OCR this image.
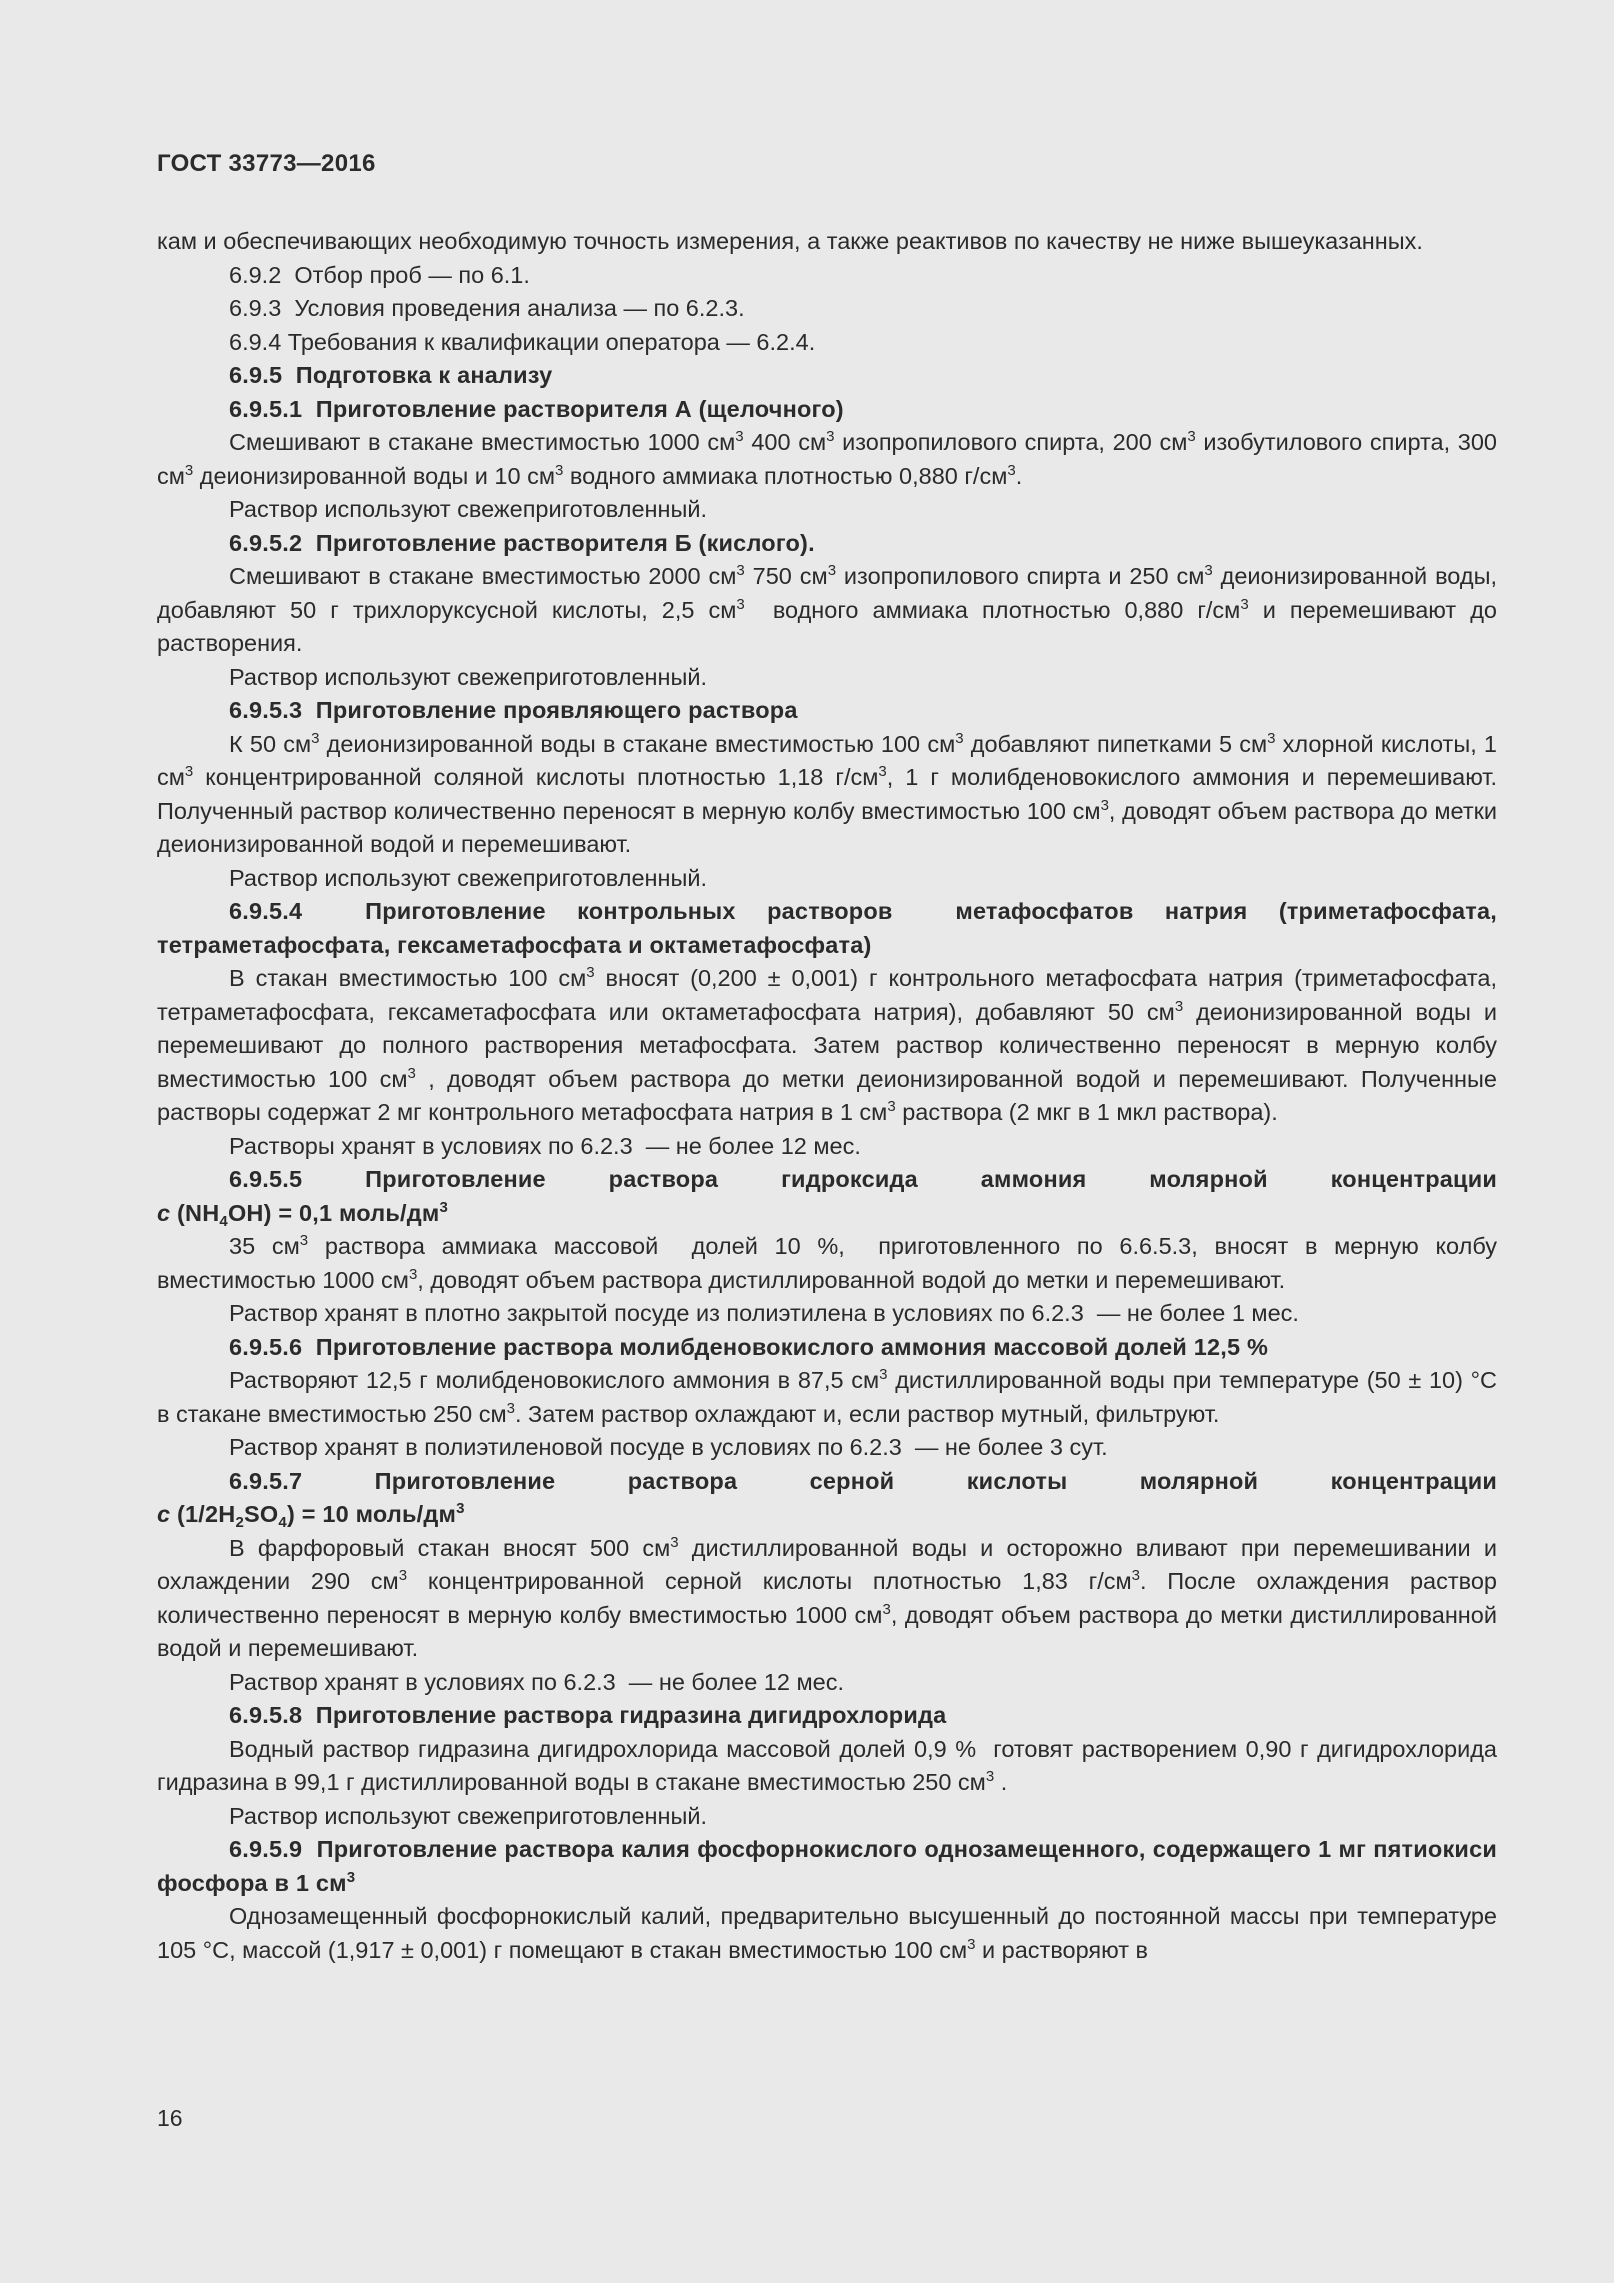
ГОСТ 33773—2016

кам и обеспечивающих необходимую точность измерения, а также реактивов по качеству не ниже вышеуказанных.

6.9.2  Отбор проб — по 6.1.

6.9.3  Условия проведения анализа — по 6.2.3.

6.9.4 Требования к квалификации оператора — 6.2.4.

6.9.5  Подготовка к анализу

6.9.5.1  Приготовление растворителя А (щелочного)

Смешивают в стакане вместимостью 1000 $см^3$ 400 $см^3$ изопропилового спирта, 200 $см^3$ изобутилового спирта, 300 $см^3$ деионизированной воды и 10 $см^3$ водного аммиака плотностью 0,880 $г/см^3$.

Раствор используют свежеприготовленный.

6.9.5.2  Приготовление растворителя Б (кислого).

Смешивают в стакане вместимостью 2000 $см^3$ 750 $см^3$ изопропилового спирта и 250 $см^3$ деионизированной воды, добавляют 50 г трихлоруксусной кислоты, 2,5 $см^3$  водного аммиака плотностью 0,880 $г/см^3$ и перемешивают до растворения.

Раствор используют свежеприготовленный.

6.9.5.3  Приготовление проявляющего раствора

К 50 $см^3$ деионизированной воды в стакане вместимостью 100 $см^3$ добавляют пипетками 5 $см^3$ хлорной кислоты, 1 $см^3$ концентрированной соляной кислоты плотностью 1,18 $г/см^3$, 1 г молибденовокислого аммония и перемешивают. Полученный раствор количественно переносят в мерную колбу вместимостью 100 $см^3$, доводят объем раствора до метки деионизированной водой и перемешивают.

Раствор используют свежеприготовленный.

6.9.5.4  Приготовление контрольных растворов  метафосфатов натрия (триметафосфата, тетраметафосфата, гексаметафосфата и октаметафосфата)

В стакан вместимостью 100 $см^3$ вносят (0,200 ± 0,001) г контрольного метафосфата натрия (триметафосфата, тетраметафосфата, гексаметафосфата или октаметафосфата натрия), добавляют 50 $см^3$ деионизированной воды и перемешивают до полного растворения метафосфата. Затем раствор количественно переносят в мерную колбу вместимостью 100 $см^3$ , доводят объем раствора до метки деионизированной водой и перемешивают. Полученные растворы содержат 2 мг контрольного метафосфата натрия в 1 $см^3$ раствора (2 мкг в 1 мкл раствора).

Растворы хранят в условиях по 6.2.3  — не более 12 мес.

6.9.5.5 Приготовление раствора гидроксида аммония молярной концентрации

c $(NH_4OH) = 0,1$ моль/$дм^3$

35 $см^3$ раствора аммиака массовой  долей 10 %,  приготовленного по 6.6.5.3, вносят в мерную колбу вместимостью 1000 $см^3$, доводят объем раствора дистиллированной водой до метки и перемешивают.

Раствор хранят в плотно закрытой посуде из полиэтилена в условиях по 6.2.3  — не более 1 мес.

6.9.5.6  Приготовление раствора молибденовокислого аммония массовой долей 12,5 %

Растворяют 12,5 г молибденовокислого аммония в 87,5 $см^3$ дистиллированной воды при температуре (50 ± 10) °С в стакане вместимостью 250 $см^3$. Затем раствор охлаждают и, если раствор мутный, фильтруют.

Раствор хранят в полиэтиленовой посуде в условиях по 6.2.3  — не более 3 сут.

6.9.5.7 Приготовление раствора серной кислоты молярной концентрации

c $(1/2H_2SO_4) = 10$ моль/$дм^3$

В фарфоровый стакан вносят 500 $см^3$ дистиллированной воды и осторожно вливают при перемешивании и охлаждении 290 $см^3$ концентрированной серной кислоты плотностью 1,83 $г/см^3$. После охлаждения раствор количественно переносят в мерную колбу вместимостью 1000 $см^3$, доводят объем раствора до метки дистиллированной водой и перемешивают.

Раствор хранят в условиях по 6.2.3  — не более 12 мес.

6.9.5.8  Приготовление раствора гидразина дигидрохлорида

Водный раствор гидразина дигидрохлорида массовой долей 0,9 %  готовят растворением 0,90 г дигидрохлорида гидразина в 99,1 г дистиллированной воды в стакане вместимостью 250 $см^3$ .

Раствор используют свежеприготовленный.

6.9.5.9  Приготовление раствора калия фосфорнокислого однозамещенного, содержащего 1 мг пятиокиси фосфора в 1 $см^3$

Однозамещенный фосфорнокислый калий, предварительно высушенный до постоянной массы при температуре 105 °С, массой (1,917 ± 0,001) г помещают в стакан вместимостью 100 $см^3$ и растворяют в

16
